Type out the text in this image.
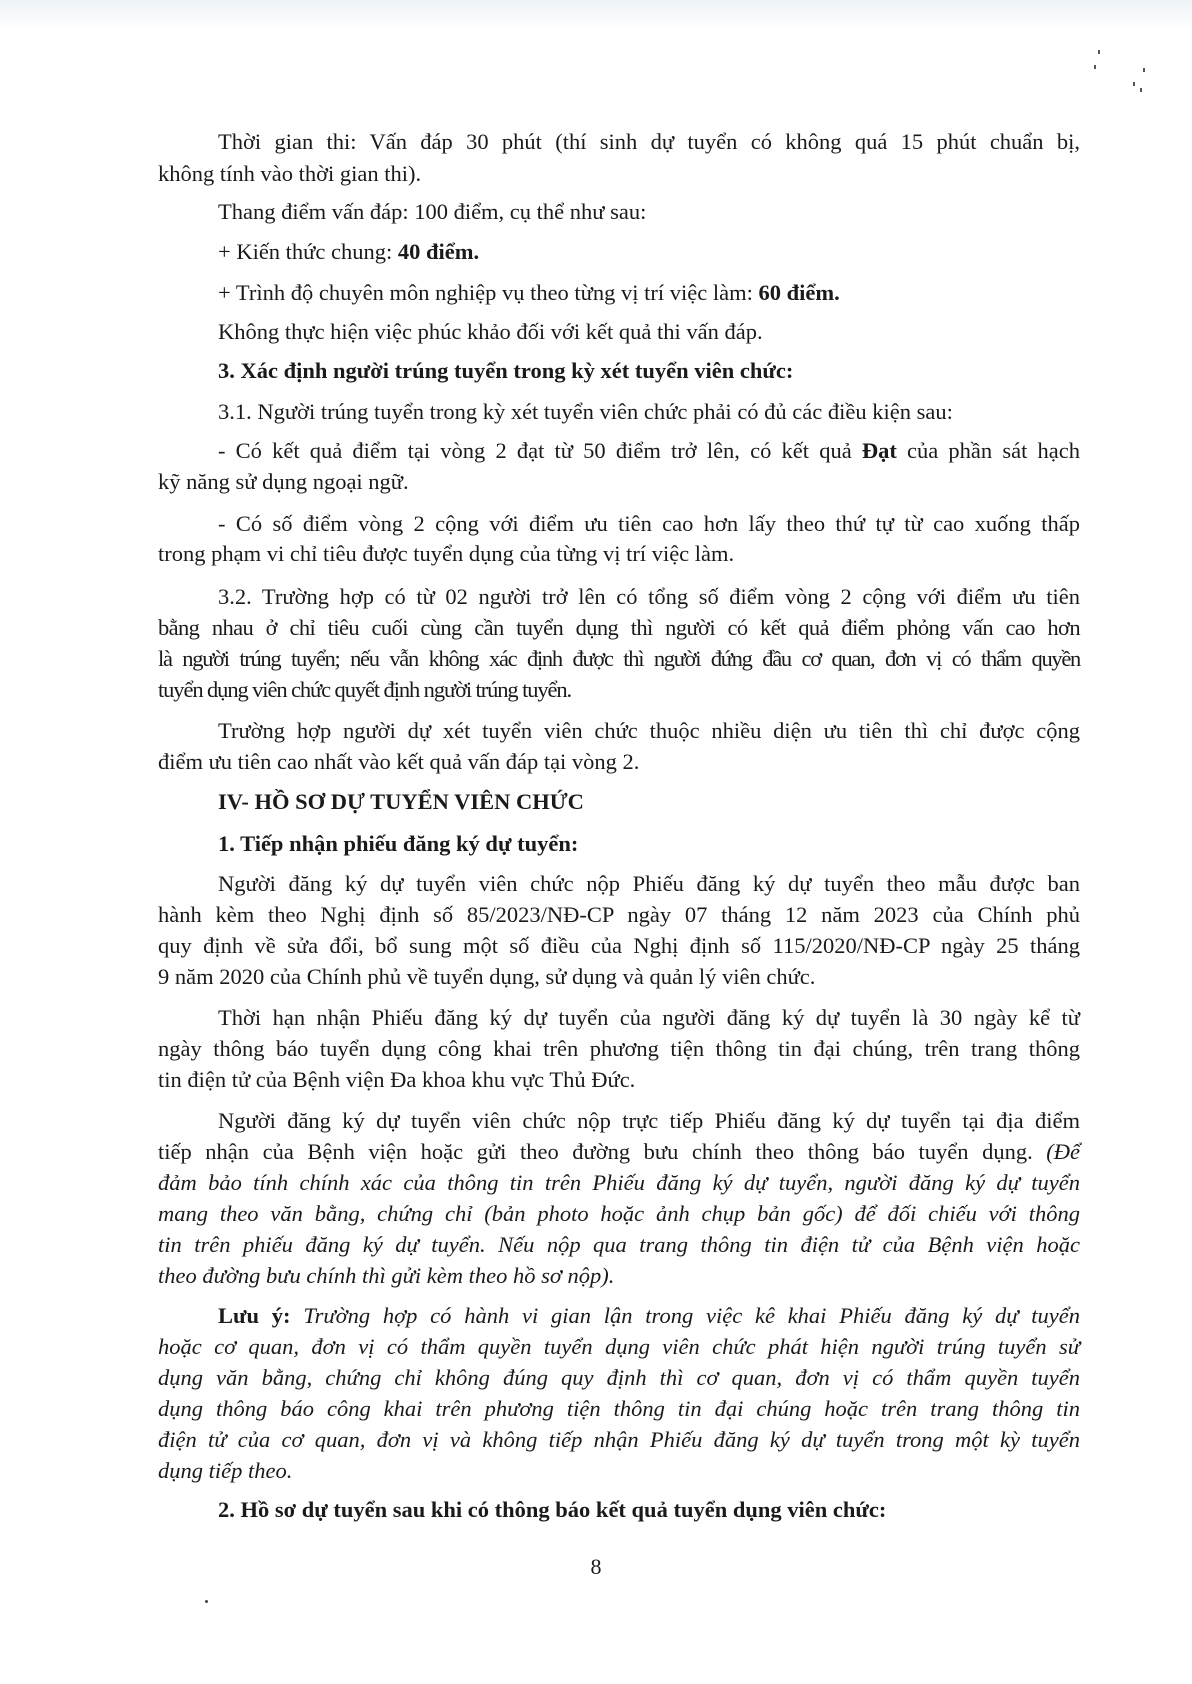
Thời gian thi: Vấn đáp 30 phút (thí sinh dự tuyển có không quá 15 phút chuẩn bị,
không tính vào thời gian thi).
Thang điểm vấn đáp: 100 điểm, cụ thể như sau:
+ Kiến thức chung: 40 điểm.
+ Trình độ chuyên môn nghiệp vụ theo từng vị trí việc làm: 60 điểm.
Không thực hiện việc phúc khảo đối với kết quả thi vấn đáp.
3. Xác định người trúng tuyển trong kỳ xét tuyển viên chức:
3.1. Người trúng tuyển trong kỳ xét tuyển viên chức phải có đủ các điều kiện sau:
- Có kết quả điểm tại vòng 2 đạt từ 50 điểm trở lên, có kết quả Đạt của phần sát hạch
kỹ năng sử dụng ngoại ngữ.
- Có số điểm vòng 2 cộng với điểm ưu tiên cao hơn lấy theo thứ tự từ cao xuống thấp
trong phạm vi chỉ tiêu được tuyển dụng của từng vị trí việc làm.
3.2. Trường hợp có từ 02 người trở lên có tổng số điểm vòng 2 cộng với điểm ưu tiên
bằng nhau ở chỉ tiêu cuối cùng cần tuyển dụng thì người có kết quả điểm phỏng vấn cao hơn
là người trúng tuyển; nếu vẫn không xác định được thì người đứng đầu cơ quan, đơn vị có thẩm quyền
tuyển dụng viên chức quyết định người trúng tuyển.
Trường hợp người dự xét tuyển viên chức thuộc nhiều diện ưu tiên thì chỉ được cộng
điểm ưu tiên cao nhất vào kết quả vấn đáp tại vòng 2.
IV- HỒ SƠ DỰ TUYỂN VIÊN CHỨC
1. Tiếp nhận phiếu đăng ký dự tuyển:
Người đăng ký dự tuyển viên chức nộp Phiếu đăng ký dự tuyển theo mẫu được ban
hành kèm theo Nghị định số 85/2023/NĐ-CP ngày 07 tháng 12 năm 2023 của Chính phủ
quy định về sửa đổi, bổ sung một số điều của Nghị định số 115/2020/NĐ-CP ngày 25 tháng
9 năm 2020 của Chính phủ về tuyển dụng, sử dụng và quản lý viên chức.
Thời hạn nhận Phiếu đăng ký dự tuyển của người đăng ký dự tuyển là 30 ngày kể từ
ngày thông báo tuyển dụng công khai trên phương tiện thông tin đại chúng, trên trang thông
tin điện tử của Bệnh viện Đa khoa khu vực Thủ Đức.
Người đăng ký dự tuyển viên chức nộp trực tiếp Phiếu đăng ký dự tuyển tại địa điểm
tiếp nhận của Bệnh viện hoặc gửi theo đường bưu chính theo thông báo tuyển dụng. (Để
đảm bảo tính chính xác của thông tin trên Phiếu đăng ký dự tuyển, người đăng ký dự tuyển
mang theo văn bằng, chứng chỉ (bản photo hoặc ảnh chụp bản gốc) để đối chiếu với thông
tin trên phiếu đăng ký dự tuyển. Nếu nộp qua trang thông tin điện tử của Bệnh viện hoặc
theo đường bưu chính thì gửi kèm theo hồ sơ nộp).
Lưu ý: Trường hợp có hành vi gian lận trong việc kê khai Phiếu đăng ký dự tuyển
hoặc cơ quan, đơn vị có thẩm quyền tuyển dụng viên chức phát hiện người trúng tuyển sử
dụng văn bằng, chứng chỉ không đúng quy định thì cơ quan, đơn vị có thẩm quyền tuyển
dụng thông báo công khai trên phương tiện thông tin đại chúng hoặc trên trang thông tin
điện tử của cơ quan, đơn vị và không tiếp nhận Phiếu đăng ký dự tuyển trong một kỳ tuyển
dụng tiếp theo.
2. Hồ sơ dự tuyển sau khi có thông báo kết quả tuyển dụng viên chức:
8
